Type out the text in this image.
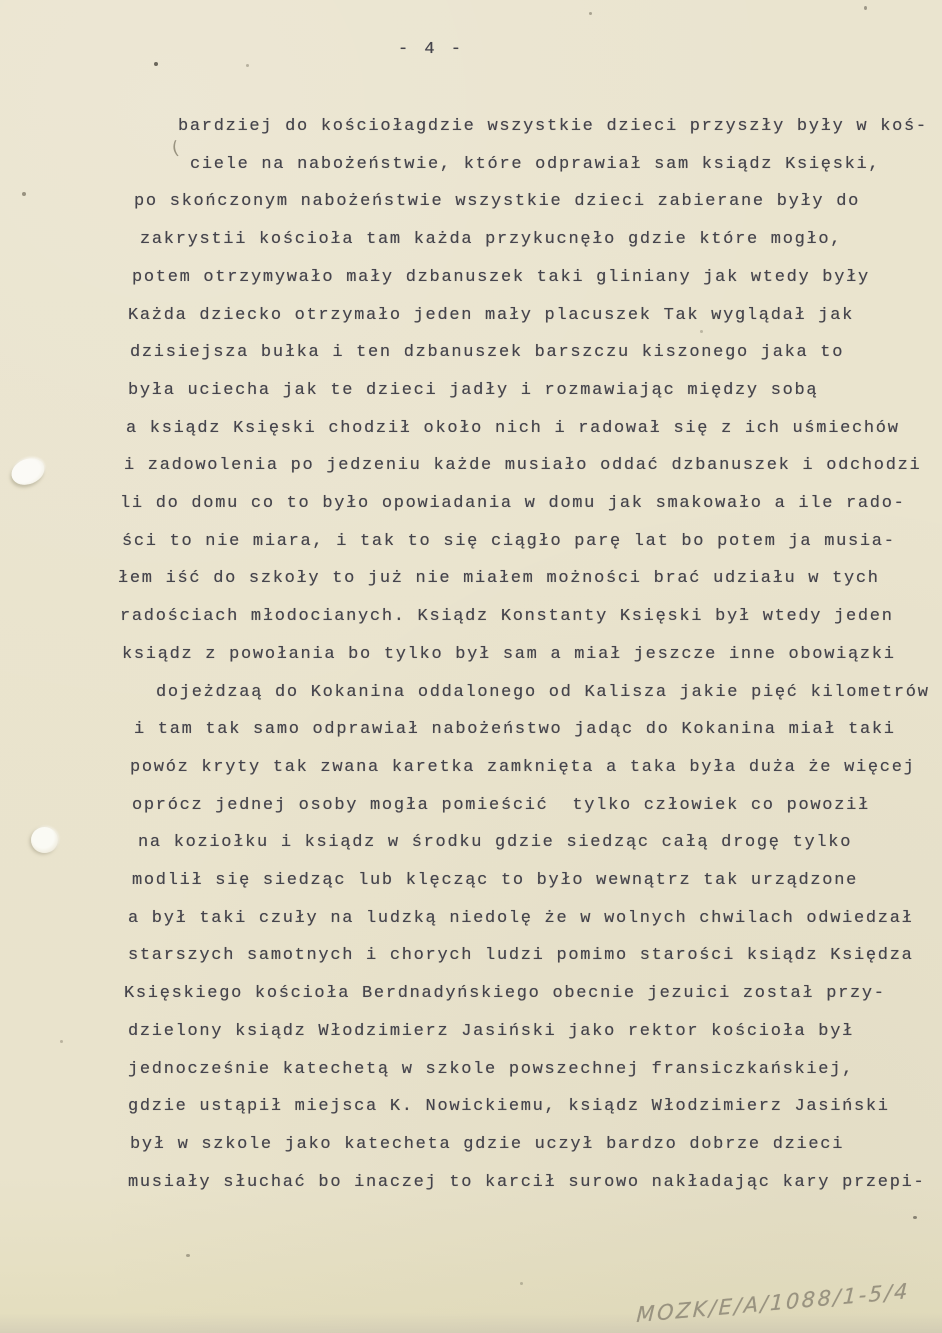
- 4 -
(
bardziej do kościołagdzie wszystkie dzieci przyszły były w koś-
ciele na nabożeństwie, które odprawiał sam ksiądz Księski,
po skończonym nabożeństwie wszystkie dzieci zabierane były do
zakrystii kościoła tam każda przykucnęło gdzie które mogło,
potem otrzymywało mały dzbanuszek taki gliniany jak wtedy były
Każda dziecko otrzymało jeden mały placuszek Tak wyglądał jak
dzisiejsza bułka i ten dzbanuszek barszczu kiszonego jaka to
była uciecha jak te dzieci jadły i rozmawiając między sobą
a ksiądz Księski chodził około nich i radował się z ich uśmiechów
i zadowolenia po jedzeniu każde musiało oddać dzbanuszek i odchodzi
li do domu co to było opowiadania w domu jak smakowało a ile rado-
ści to nie miara, i tak to się ciągło parę lat bo potem ja musia-
łem iść do szkoły to już nie miałem możności brać udziału w tych
radościach młodocianych. Ksiądz Konstanty Księski był wtedy jeden
ksiądz z powołania bo tylko był sam a miał jeszcze inne obowiązki
dojeżdzaą do Kokanina oddalonego od Kalisza jakie pięć kilometrów
i tam tak samo odprawiał nabożeństwo jadąc do Kokanina miał taki
powóz kryty tak zwana karetka zamknięta a taka była duża że więcej
oprócz jednej osoby mogła pomieścić  tylko człowiek co powoził
na koziołku i ksiądz w środku gdzie siedząc całą drogę tylko
modlił się siedząc lub klęcząc to było wewnątrz tak urządzone
a był taki czuły na ludzką niedolę że w wolnych chwilach odwiedzał
starszych samotnych i chorych ludzi pomimo starości ksiądz Księdza
Księskiego kościoła Berdnadyńskiego obecnie jezuici został przy-
dzielony ksiądz Włodzimierz Jasiński jako rektor kościoła był
jednocześnie katechetą w szkole powszechnej fransiczkańskiej,
gdzie ustąpił miejsca K. Nowickiemu, ksiądz Włodzimierz Jasiński
był w szkole jako katecheta gdzie uczył bardzo dobrze dzieci
musiały słuchać bo inaczej to karcił surowo nakładając kary przepi-
MOZK/E/A/1088/1-5/4
